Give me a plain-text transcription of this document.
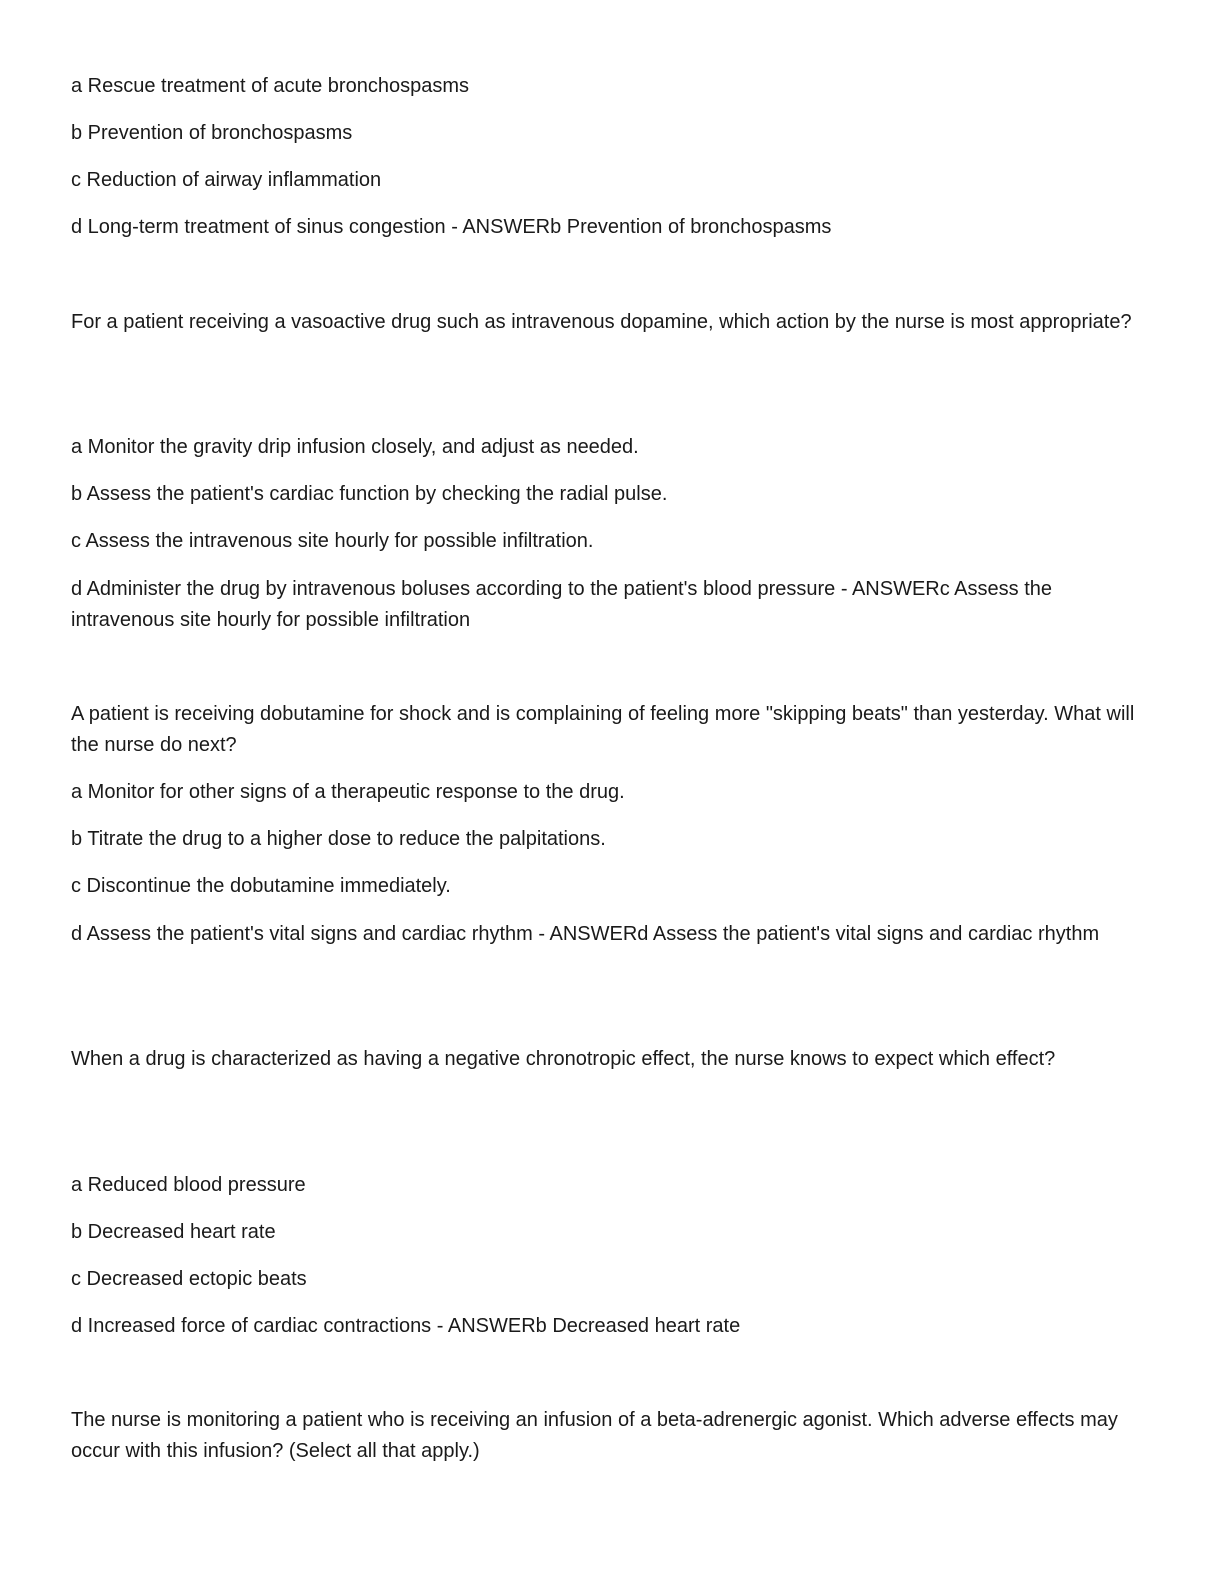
a Rescue treatment of acute bronchospasms

b Prevention of bronchospasms

c Reduction of airway inflammation

d Long-term treatment of sinus congestion - ANSWERb Prevention of bronchospasms

For a patient receiving a vasoactive drug such as intravenous dopamine, which action by the nurse is most appropriate?

a Monitor the gravity drip infusion closely, and adjust as needed.

b Assess the patient's cardiac function by checking the radial pulse.

c Assess the intravenous site hourly for possible infiltration.

d Administer the drug by intravenous boluses according to the patient's blood pressure - ANSWERc Assess the intravenous site hourly for possible infiltration

A patient is receiving dobutamine for shock and is complaining of feeling more "skipping beats" than yesterday. What will the nurse do next?

a Monitor for other signs of a therapeutic response to the drug.

b Titrate the drug to a higher dose to reduce the palpitations.

c Discontinue the dobutamine immediately.

d Assess the patient's vital signs and cardiac rhythm - ANSWERd Assess the patient's vital signs and cardiac rhythm

When a drug is characterized as having a negative chronotropic effect, the nurse knows to expect which effect?

a Reduced blood pressure

b Decreased heart rate

c Decreased ectopic beats

d Increased force of cardiac contractions - ANSWERb Decreased heart rate

The nurse is monitoring a patient who is receiving an infusion of a beta-adrenergic agonist. Which adverse effects may occur with this infusion? (Select all that apply.)
